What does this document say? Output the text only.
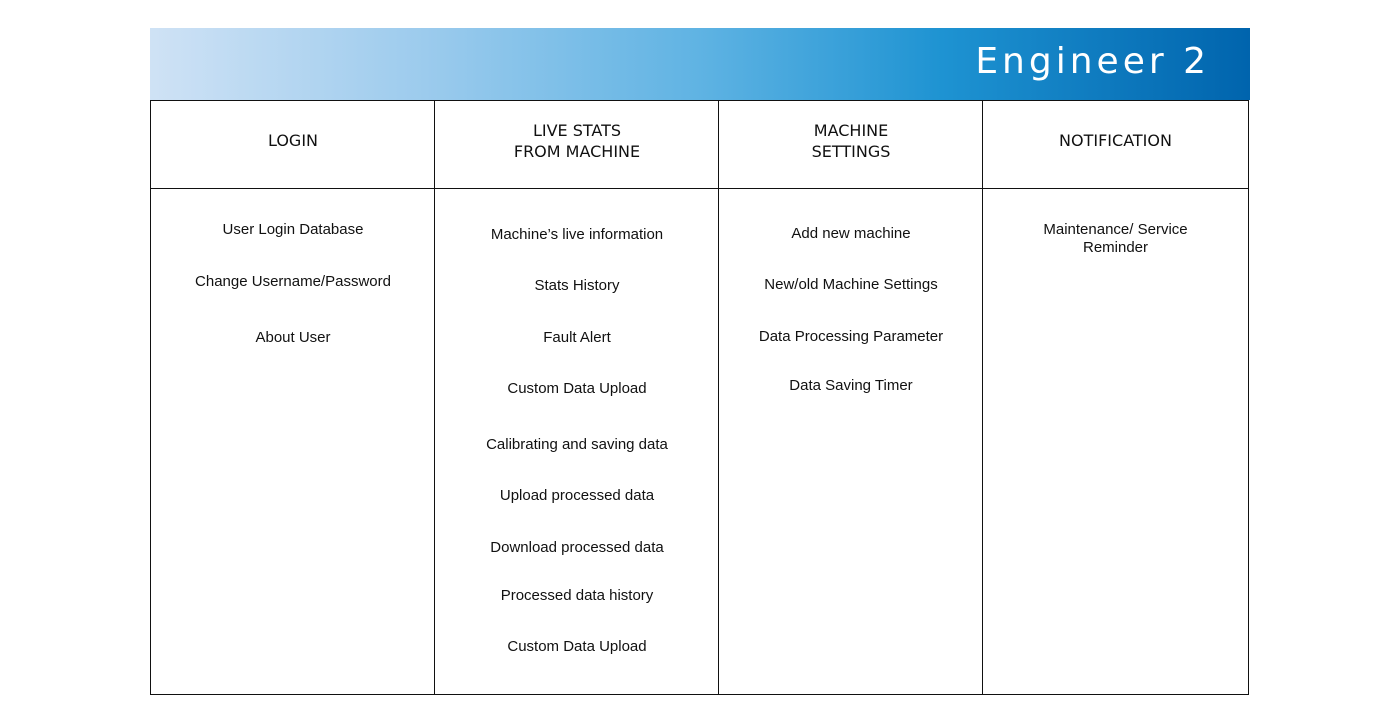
Engineer 2
LOGIN
User Login Database
Change Username/Password
About User
LIVE STATS
FROM MACHINE
Machine’s live information
Stats History
Fault Alert
Custom Data Upload
Calibrating and saving data
Upload processed data
Download processed data
Processed data history
Custom Data Upload
MACHINE
SETTINGS
Add new machine
New/old Machine Settings
Data Processing Parameter
Data Saving Timer
NOTIFICATION
Maintenance/ Service
Reminder
